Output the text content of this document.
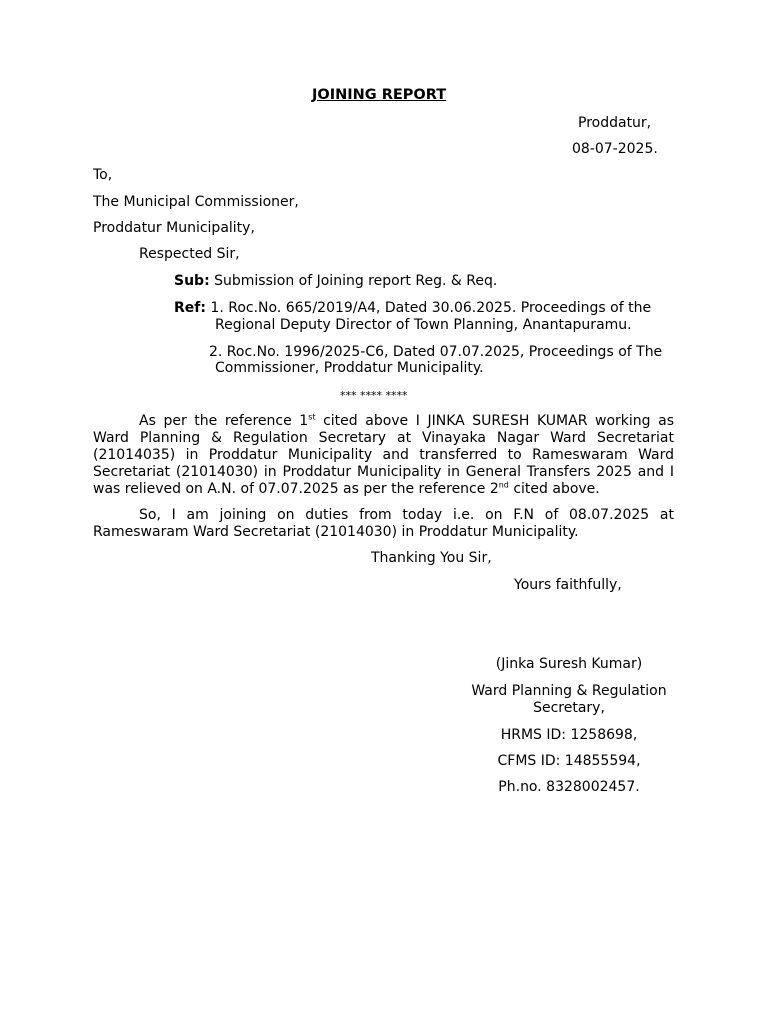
JOINING REPORT
Proddatur,
08-07-2025.
To,
The Municipal Commissioner,
Proddatur Municipality,
Respected Sir,
Sub: Submission of Joining report Reg. & Req.
Ref: 1. Roc.No. 665/2019/A4, Dated 30.06.2025. Proceedings of the
Regional Deputy Director of Town Planning, Anantapuramu.
2. Roc.No. 1996/2025-C6, Dated 07.07.2025, Proceedings of The
Commissioner, Proddatur Municipality.
*** **** ****
As per the reference 1st cited above I JINKA SURESH KUMAR working as Ward Planning & Regulation Secretary at Vinayaka Nagar Ward Secretariat (21014035) in Proddatur Municipality and transferred to Rameswaram Ward Secretariat (21014030) in Proddatur Municipality in General Transfers 2025 and I was relieved on A.N. of 07.07.2025 as per the reference 2nd cited above.
So, I am joining on duties from today i.e. on F.N of 08.07.2025 at Rameswaram Ward Secretariat (21014030) in Proddatur Municipality.
Thanking You Sir,
Yours faithfully,
(Jinka Suresh Kumar)
Ward Planning & Regulation
Secretary,
HRMS ID: 1258698,
CFMS ID: 14855594,
Ph.no. 8328002457.
